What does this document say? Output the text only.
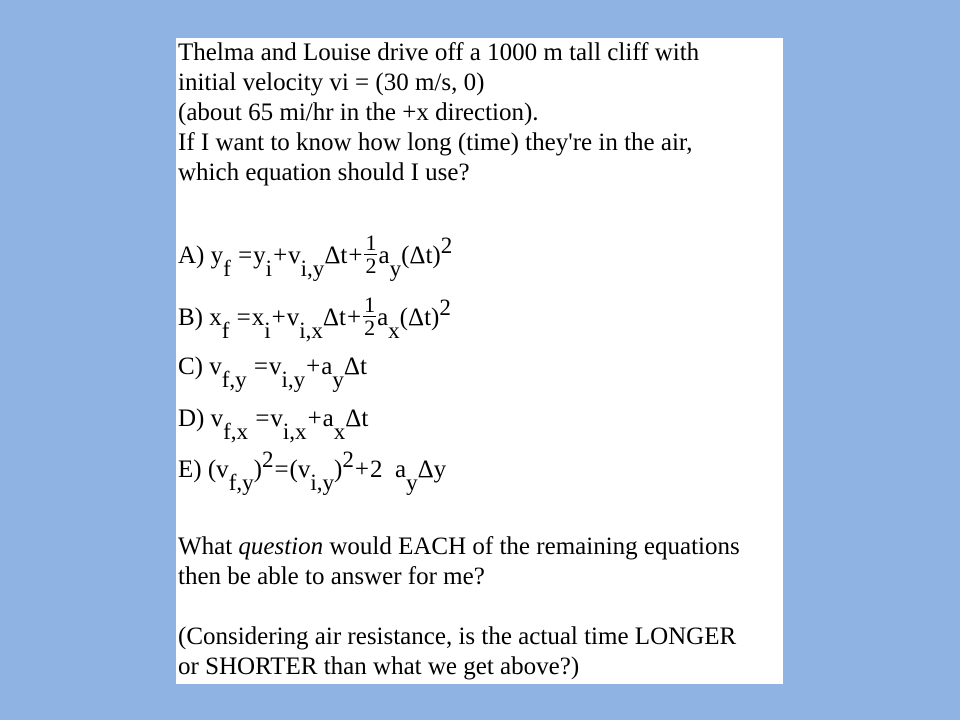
Thelma and Louise drive off a 1000 m tall cliff with
initial velocity vi = (30 m/s, 0)
(about 65 mi/hr in the +x direction).
If I want to know how long (time) they're in the air,
which equation should I use?
A) $y_f =y_i+v_{i,y}\Delta t+ \frac{1}{2} a_y(\Delta t)^2$
B) $x_f =x_i+v_{i,x}\Delta t+ \frac{1}{2} a_x(\Delta t)^2$
C) $v_{f,y} =v_{i,y}+a_y\Delta t$
D) $v_{f,x} =v_{i,x}+a_x\Delta t$
E) $(v_{f,y})^2=(v_{i,y})^2+2$ $a_y\Delta y$
What question would EACH of the remaining equations
then be able to answer for me?
(Considering air resistance, is the actual time LONGER
or SHORTER than what we get above?)
